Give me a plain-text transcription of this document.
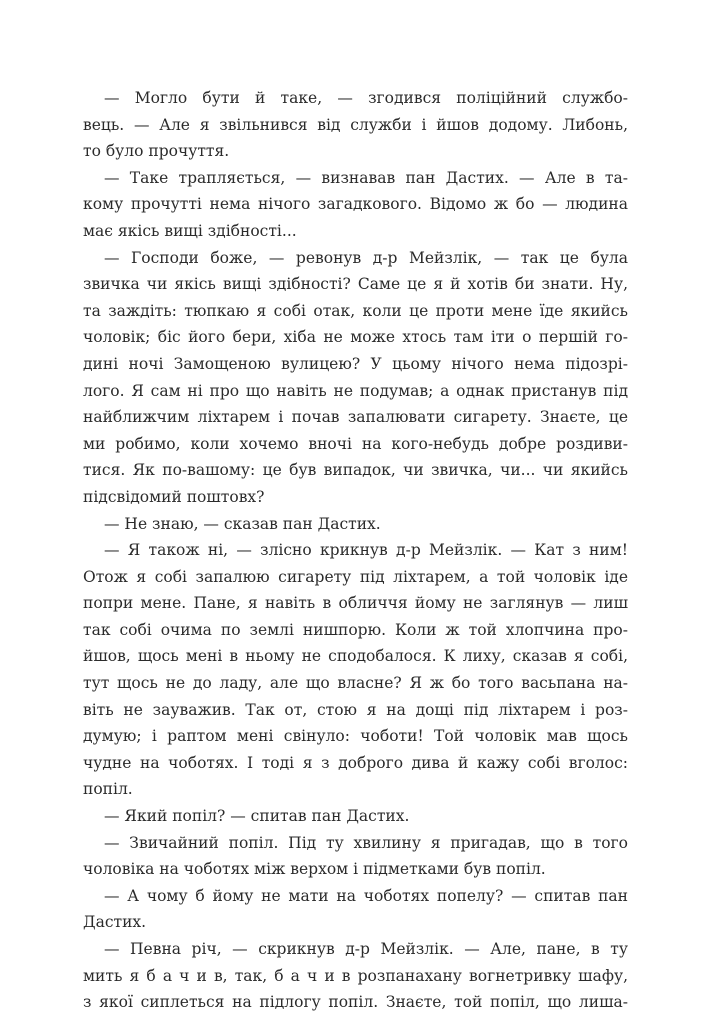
— Могло бути й таке, — згодився поліційний службо-
вець. — Але я звільнився від служби і йшов додому. Либонь,
то було прочуття.
— Таке трапляється, — визнавав пан Дастих. — Але в та-
кому прочутті нема нічого загадкового. Відомо ж бо — людина
має якісь вищі здібності...
— Господи боже, — ревонув д-р Мейзлік, — так це була
звичка чи якісь вищі здібності? Саме це я й хотів би знати. Ну,
та заждіть: тюпкаю я собі отак, коли це проти мене їде якийсь
чоловік; біс його бери, хіба не може хтось там іти о першій го-
дині ночі Замощеною вулицею? У цьому нічого нема підозрі-
лого. Я сам ні про що навіть не подумав; а однак пристанув під
найближчим ліхтарем і почав запалювати сигарету. Знаєте, це
ми робимо, коли хочемо вночі на кого-небудь добре роздиви-
тися. Як по-вашому: це був випадок, чи звичка, чи... чи якийсь
підсвідомий поштовх?
— Не знаю, — сказав пан Дастих.
— Я також ні, — злісно крикнув д-р Мейзлік. — Кат з ним!
Отож я собі запалюю сигарету під ліхтарем, а той чоловік іде
попри мене. Пане, я навіть в обличчя йому не заглянув — лиш
так собі очима по землі нишпорю. Коли ж той хлопчина про-
йшов, щось мені в ньому не сподобалося. К лиху, сказав я собі,
тут щось не до ладу, але що власне? Я ж бо того васьпана на-
віть не зауважив. Так от, стою я на дощі під ліхтарем і роз-
думую; і раптом мені свінуло: чоботи! Той чоловік мав щось
чудне на чоботях. І тоді я з доброго дива й кажу собі вголос:
попіл.
— Який попіл? — спитав пан Дастих.
— Звичайний попіл. Під ту хвилину я пригадав, що в того
чоловіка на чоботях між верхом і підметками був попіл.
— А чому б йому не мати на чоботях попелу? — спитав пан
Дастих.
— Певна річ, — скрикнув д-р Мейзлік. — Але, пане, в ту
мить я б а ч и в, так, б а ч и в розпанахану вогнетривку шафу,
з якої сиплеться на підлогу попіл. Знаєте, той попіл, що лиша-
